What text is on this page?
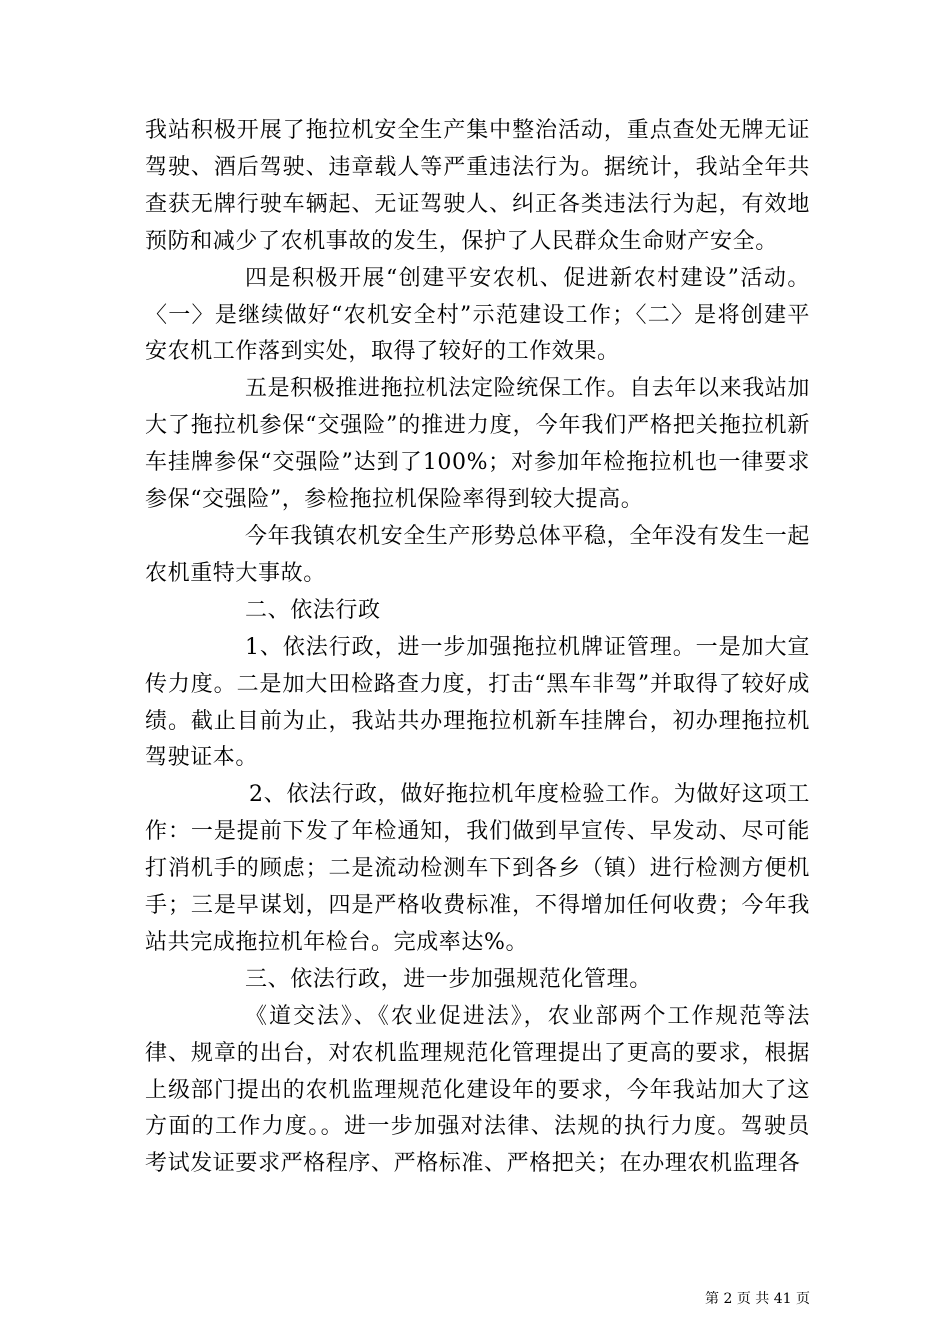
我站积极开展了拖拉机安全生产集中整治活动，重点查处无牌无证驾驶、酒后驾驶、违章载人等严重违法行为。据统计，我站全年共查获无牌行驶车辆起、无证驾驶人、纠正各类违法行为起，有效地预防和减少了农机事故的发生，保护了人民群众生命财产安全。

四是积极开展“创建平安农机、促进新农村建设”活动。〈一〉是继续做好“农机安全村”示范建设工作；〈二〉是将创建平安农机工作落到实处，取得了较好的工作效果。

五是积极推进拖拉机法定险统保工作。自去年以来我站加大了拖拉机参保“交强险”的推进力度，今年我们严格把关拖拉机新车挂牌参保“交强险”达到了100%；对参加年检拖拉机也一律要求参保“交强险”，参检拖拉机保险率得到较大提高。

今年我镇农机安全生产形势总体平稳，全年没有发生一起农机重特大事故。

二、依法行政

1、依法行政，进一步加强拖拉机牌证管理。一是加大宣传力度。二是加大田检路查力度，打击“黑车非驾”并取得了较好成绩。截止目前为止，我站共办理拖拉机新车挂牌台，初办理拖拉机驾驶证本。

2、依法行政，做好拖拉机年度检验工作。为做好这项工作：一是提前下发了年检通知，我们做到早宣传、早发动、尽可能打消机手的顾虑；二是流动检测车下到各乡（镇）进行检测方便机手；三是早谋划，四是严格收费标准，不得增加任何收费；今年我站共完成拖拉机年检台。完成率达%。

三、依法行政，进一步加强规范化管理。

《道交法》、《农业促进法》，农业部两个工作规范等法律、规章的出台，对农机监理规范化管理提出了更高的要求，根据上级部门提出的农机监理规范化建设年的要求，今年我站加大了这方面的工作力度。。进一步加强对法律、法规的执行力度。驾驶员考试发证要求严格程序、严格标准、严格把关；在办理农机监理各

第 2 页 共 41 页
